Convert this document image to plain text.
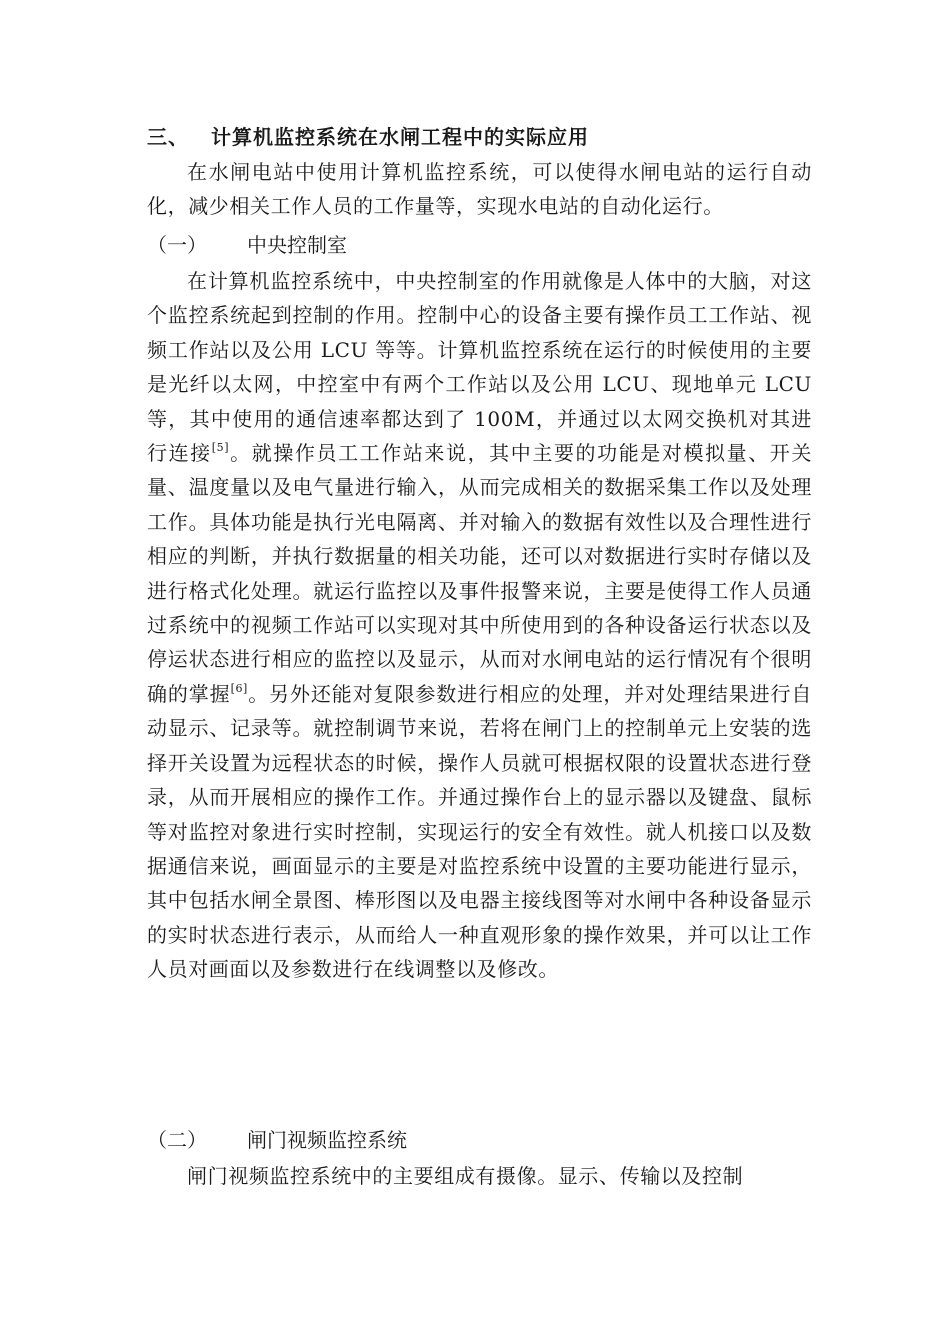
三、 计算机监控系统在水闸工程中的实际应用
在水闸电站中使用计算机监控系统，可以使得水闸电站的运行自动化，减少相关工作人员的工作量等，实现水电站的自动化运行。
（一） 中央控制室
在计算机监控系统中，中央控制室的作用就像是人体中的大脑，对这个监控系统起到控制的作用。控制中心的设备主要有操作员工工作站、视频工作站以及公用 LCU 等等。计算机监控系统在运行的时候使用的主要是光纤以太网，中控室中有两个工作站以及公用 LCU、现地单元 LCU 等，其中使用的通信速率都达到了 100M，并通过以太网交换机对其进行连接[5]。就操作员工工作站来说，其中主要的功能是对模拟量、开关量、温度量以及电气量进行输入，从而完成相关的数据采集工作以及处理工作。具体功能是执行光电隔离、并对输入的数据有效性以及合理性进行相应的判断，并执行数据量的相关功能，还可以对数据进行实时存储以及进行格式化处理。就运行监控以及事件报警来说，主要是使得工作人员通过系统中的视频工作站可以实现对其中所使用到的各种设备运行状态以及停运状态进行相应的监控以及显示，从而对水闸电站的运行情况有个很明确的掌握[6]。另外还能对复限参数进行相应的处理，并对处理结果进行自动显示、记录等。就控制调节来说，若将在闸门上的控制单元上安装的选择开关设置为远程状态的时候，操作人员就可根据权限的设置状态进行登录，从而开展相应的操作工作。并通过操作台上的显示器以及键盘、鼠标等对监控对象进行实时控制，实现运行的安全有效性。就人机接口以及数据通信来说，画面显示的主要是对监控系统中设置的主要功能进行显示，其中包括水闸全景图、棒形图以及电器主接线图等对水闸中各种设备显示的实时状态进行表示，从而给人一种直观形象的操作效果，并可以让工作人员对画面以及参数进行在线调整以及修改。
（二） 闸门视频监控系统
闸门视频监控系统中的主要组成有摄像。显示、传输以及控制
